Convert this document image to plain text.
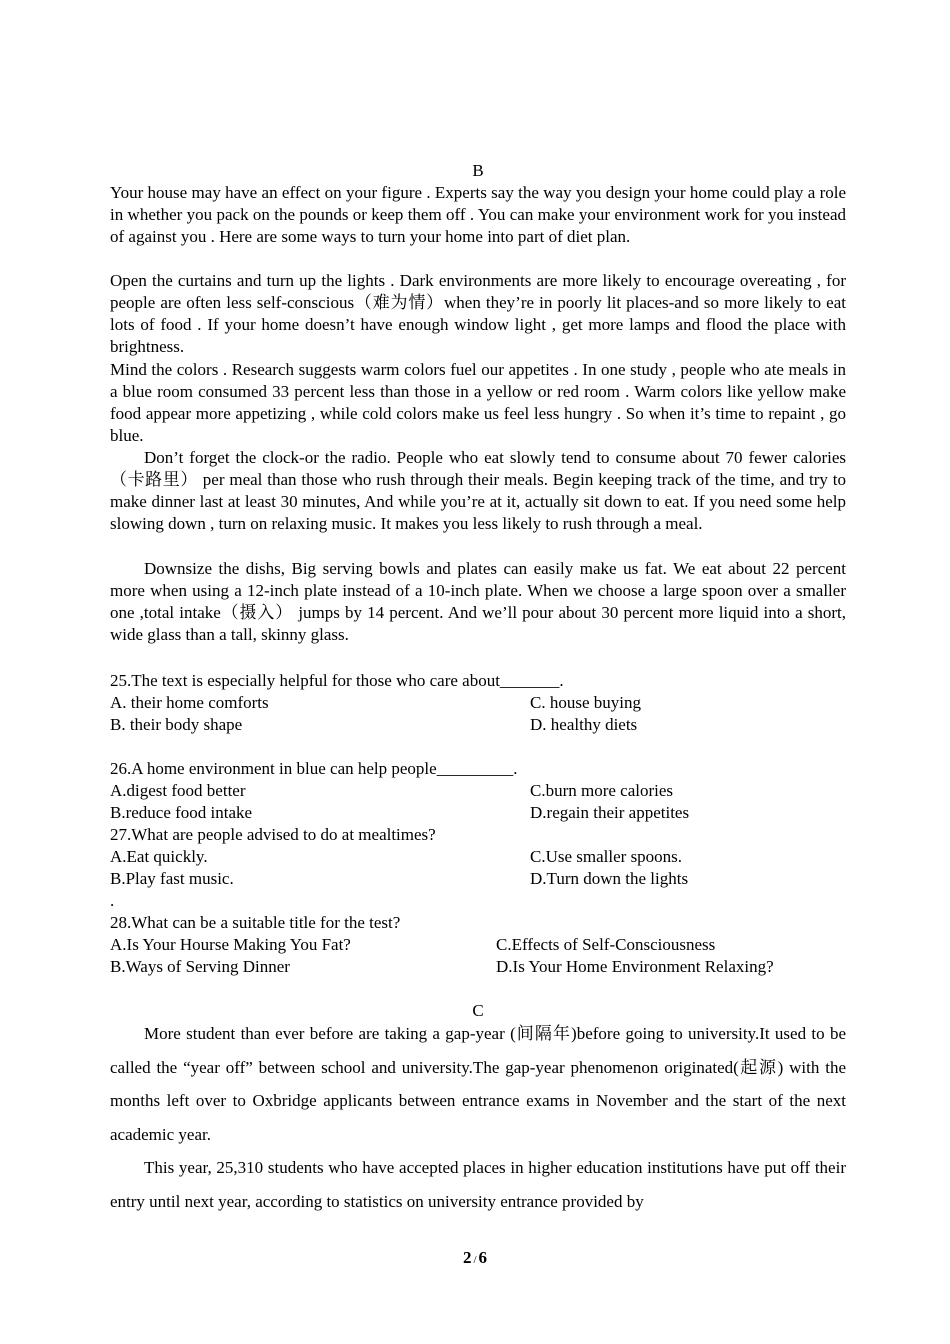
B
Your house may have an effect on your figure . Experts say the way you design your home could play a role in whether you pack on the pounds or keep them off . You can make your environment work for you instead of against you . Here are some ways to turn your home into part of diet plan.
Open the curtains and turn up the lights . Dark environments are more likely to encourage overeating , for people are often less self-conscious（难为情）when they’re in poorly lit places-and so more likely to eat lots of food . If your home doesn’t have enough window light , get more lamps and flood the place with brightness.
Mind the colors . Research suggests warm colors fuel our appetites . In one study , people who ate meals in a blue room consumed 33 percent less than those in a yellow or red room . Warm colors like yellow make food appear more appetizing , while cold colors make us feel less hungry . So when it’s time to repaint , go blue.
Don’t forget the clock-or the radio. People who eat slowly tend to consume about 70 fewer calories（卡路里） per meal than those who rush through their meals. Begin keeping track of the time, and try to make dinner last at least 30 minutes, And while you’re at it, actually sit down to eat. If you need some help slowing down , turn on relaxing music. It makes you less likely to rush through a meal.
Downsize the dishs, Big serving bowls and plates can easily make us fat. We eat about 22 percent more when using a 12-inch plate instead of a 10-inch plate. When we choose a large spoon over a smaller one ,total intake（摄入） jumps by 14 percent. And we’ll pour about 30 percent more liquid into a short, wide glass than a tall, skinny glass.
25.The text is especially helpful for those who care about_______.
A. their home comforts
B. their body shape
C. house buying
D. healthy diets
26.A home environment in blue can help people_________.
A.digest food better
B.reduce food intake
C.burn more calories
D.regain their appetites
27.What are people advised to do at mealtimes?
A.Eat quickly.
B.Play fast music.
C.Use smaller spoons.
D.Turn down the lights
.
28.What can be a suitable title for the test?
A.Is Your Hourse Making You Fat?
B.Ways of Serving Dinner
C.Effects of Self-Consciousness
D.Is Your Home Environment Relaxing?
C
More student than ever before are taking a gap-year (间隔年)before going to university.It used to be called the “year off” between school and university.The gap-year phenomenon originated(起源) with the months left over to Oxbridge applicants between entrance exams in November and the start of the next academic year.
This year, 25,310 students who have accepted places in higher education institutions have put off their entry until next year, according to statistics on university entrance provided by
2 / 6
